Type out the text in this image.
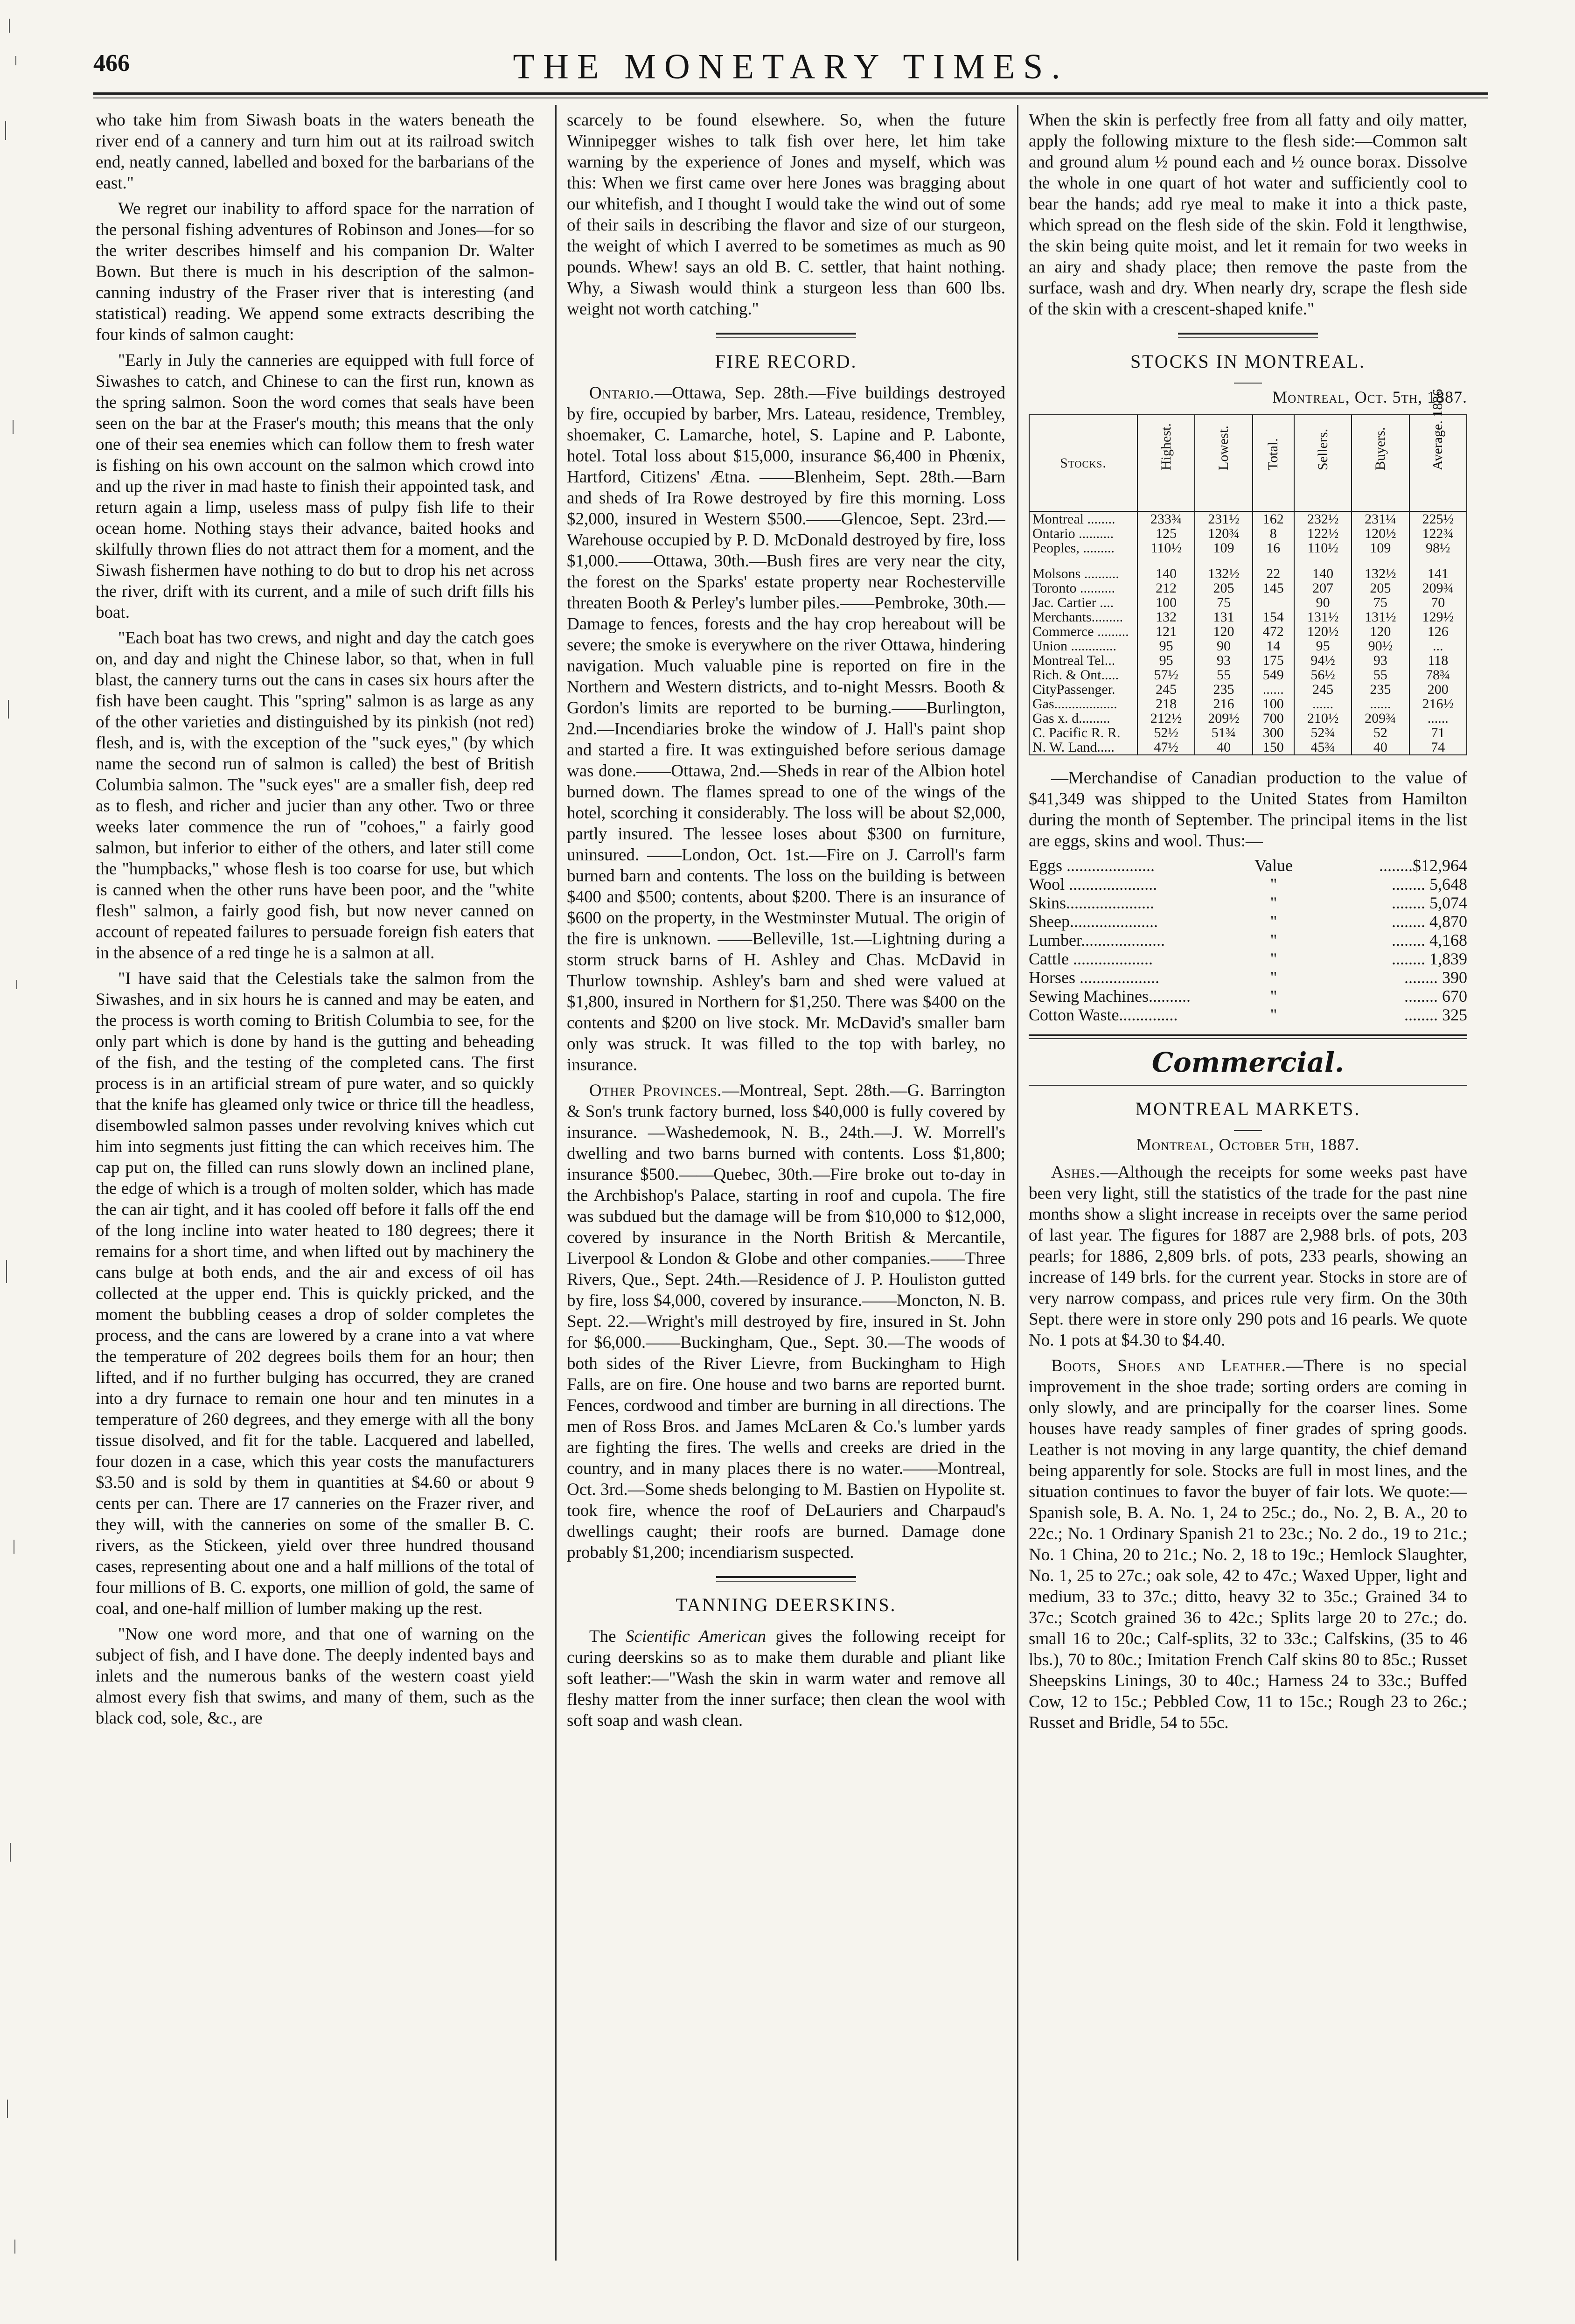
466	THE MONETARY TIMES.

who take him from Siwash boats in the waters beneath the river end of a cannery and turn him out at its railroad switch end, neatly canned, labelled and boxed for the barbarians of the east."

We regret our inability to afford space for the narration of the personal fishing adventures of Robinson and Jones—for so the writer describes himself and his companion Dr. Walter Bown. But there is much in his description of the salmon-canning industry of the Fraser river that is interesting (and statistical) reading. We append some extracts describing the four kinds of salmon caught:

"Early in July the canneries are equipped with full force of Siwashes to catch, and Chinese to can the first run, known as the spring salmon. Soon the word comes that seals have been seen on the bar at the Fraser's mouth; this means that the only one of their sea enemies which can follow them to fresh water is fishing on his own account on the salmon which crowd into and up the river in mad haste to finish their appointed task, and return again a limp, useless mass of pulpy fish life to their ocean home. Nothing stays their advance, baited hooks and skilfully thrown flies do not attract them for a moment, and the Siwash fishermen have nothing to do but to drop his net across the river, drift with its current, and a mile of such drift fills his boat.

"Each boat has two crews, and night and day the catch goes on, and day and night the Chinese labor, so that, when in full blast, the cannery turns out the cans in cases six hours after the fish have been caught. This "spring" salmon is as large as any of the other varieties and distinguished by its pinkish (not red) flesh, and is, with the exception of the "suck eyes," (by which name the second run of salmon is called) the best of British Columbia salmon. The "suck eyes" are a smaller fish, deep red as to flesh, and richer and jucier than any other. Two or three weeks later commence the run of "cohoes," a fairly good salmon, but inferior to either of the others, and later still come the "humpbacks," whose flesh is too coarse for use, but which is canned when the other runs have been poor, and the "white flesh" salmon, a fairly good fish, but now never canned on account of repeated failures to persuade foreign fish eaters that in the absence of a red tinge he is a salmon at all.

"I have said that the Celestials take the salmon from the Siwashes, and in six hours he is canned and may be eaten, and the process is worth coming to British Columbia to see, for the only part which is done by hand is the gutting and beheading of the fish, and the testing of the completed cans. The first process is in an artificial stream of pure water, and so quickly that the knife has gleamed only twice or thrice till the headless, disembowled salmon passes under revolving knives which cut him into segments just fitting the can which receives him. The cap put on, the filled can runs slowly down an inclined plane, the edge of which is a trough of molten solder, which has made the can air tight, and it has cooled off before it falls off the end of the long incline into water heated to 180 degrees; there it remains for a short time, and when lifted out by machinery the cans bulge at both ends, and the air and excess of oil has collected at the upper end. This is quickly pricked, and the moment the bubbling ceases a drop of solder completes the process, and the cans are lowered by a crane into a vat where the temperature of 202 degrees boils them for an hour; then lifted, and if no further bulging has occurred, they are craned into a dry furnace to remain one hour and ten minutes in a temperature of 260 degrees, and they emerge with all the bony tissue disolved, and fit for the table. Lacquered and labelled, four dozen in a case, which this year costs the manufacturers $3.50 and is sold by them in quantities at $4.60 or about 9 cents per can. There are 17 canneries on the Frazer river, and they will, with the canneries on some of the smaller B. C. rivers, as the Stickeen, yield over three hundred thousand cases, representing about one and a half millions of the total of four millions of B. C. exports, one million of gold, the same of coal, and one-half million of lumber making up the rest.

"Now one word more, and that one of warning on the subject of fish, and I have done. The deeply indented bays and inlets and the numerous banks of the western coast yield almost every fish that swims, and many of them, such as the black cod, sole, &c., are

scarcely to be found elsewhere. So, when the future Winnipegger wishes to talk fish over here, let him take warning by the experience of Jones and myself, which was this: When we first came over here Jones was bragging about our whitefish, and I thought I would take the wind out of some of their sails in describing the flavor and size of our sturgeon, the weight of which I averred to be sometimes as much as 90 pounds. Whew! says an old B. C. settler, that haint nothing. Why, a Siwash would think a sturgeon less than 600 lbs. weight not worth catching."

FIRE RECORD.

Ontario.—Ottawa, Sep. 28th.—Five buildings destroyed by fire, occupied by barber, Mrs. Lateau, residence, Trembley, shoemaker, C. Lamarche, hotel, S. Lapine and P. Labonte, hotel. Total loss about $15,000, insurance $6,400 in Phœnix, Hartford, Citizens' Ætna. ——Blenheim, Sept. 28th.—Barn and sheds of Ira Rowe destroyed by fire this morning. Loss $2,000, insured in Western $500.——Glencoe, Sept. 23rd.—Warehouse occupied by P. D. McDonald destroyed by fire, loss $1,000.——Ottawa, 30th.—Bush fires are very near the city, the forest on the Sparks' estate property near Rochesterville threaten Booth & Perley's lumber piles.——Pembroke, 30th.—Damage to fences, forests and the hay crop hereabout will be severe; the smoke is everywhere on the river Ottawa, hindering navigation. Much valuable pine is reported on fire in the Northern and Western districts, and to-night Messrs. Booth & Gordon's limits are reported to be burning.——Burlington, 2nd.—Incendiaries broke the window of J. Hall's paint shop and started a fire. It was extinguished before serious damage was done.——Ottawa, 2nd.—Sheds in rear of the Albion hotel burned down. The flames spread to one of the wings of the hotel, scorching it considerably. The loss will be about $2,000, partly insured. The lessee loses about $300 on furniture, uninsured. ——London, Oct. 1st.—Fire on J. Carroll's farm burned barn and contents. The loss on the building is between $400 and $500; contents, about $200. There is an insurance of $600 on the property, in the Westminster Mutual. The origin of the fire is unknown. ——Belleville, 1st.—Lightning during a storm struck barns of H. Ashley and Chas. McDavid in Thurlow township. Ashley's barn and shed were valued at $1,800, insured in Northern for $1,250. There was $400 on the contents and $200 on live stock. Mr. McDavid's smaller barn only was struck. It was filled to the top with barley, no insurance.

Other Provinces.—Montreal, Sept. 28th.—G. Barrington & Son's trunk factory burned, loss $40,000 is fully covered by insurance. —Washedemook, N. B., 24th.—J. W. Morrell's dwelling and two barns burned with contents. Loss $1,800; insurance $500.——Quebec, 30th.—Fire broke out to-day in the Archbishop's Palace, starting in roof and cupola. The fire was subdued but the damage will be from $10,000 to $12,000, covered by insurance in the North British & Mercantile, Liverpool & London & Globe and other companies.——Three Rivers, Que., Sept. 24th.—Residence of J. P. Houliston gutted by fire, loss $4,000, covered by insurance.——Moncton, N. B. Sept. 22.—Wright's mill destroyed by fire, insured in St. John for $6,000.——Buckingham, Que., Sept. 30.—The woods of both sides of the River Lievre, from Buckingham to High Falls, are on fire. One house and two barns are reported burnt. Fences, cordwood and timber are burning in all directions. The men of Ross Bros. and James McLaren & Co.'s lumber yards are fighting the fires. The wells and creeks are dried in the country, and in many places there is no water.——Montreal, Oct. 3rd.—Some sheds belonging to M. Bastien on Hypolite st. took fire, whence the roof of DeLauriers and Charpaud's dwellings caught; their roofs are burned. Damage done probably $1,200; incendiarism suspected.

TANNING DEERSKINS.

The Scientific American gives the following receipt for curing deerskins so as to make them durable and pliant like soft leather:—"Wash the skin in warm water and remove all fleshy matter from the inner surface; then clean the wool with soft soap and wash clean.

When the skin is perfectly free from all fatty and oily matter, apply the following mixture to the flesh side:—Common salt and ground alum ½ pound each and ½ ounce borax. Dissolve the whole in one quart of hot water and sufficiently cool to bear the hands; add rye meal to make it into a thick paste, which spread on the flesh side of the skin. Fold it lengthwise, the skin being quite moist, and let it remain for two weeks in an airy and shady place; then remove the paste from the surface, wash and dry. When nearly dry, scrape the flesh side of the skin with a crescent-shaped knife."

STOCKS IN MONTREAL.
Montreal, Oct. 5th, 1887.
Stocks.	Highest.	Lowest.	Total.	Sellers.	Buyers.	Average. 1886

Montreal ........	233¾	231½	162	232½	231¼	225½
Ontario ..........	125	120¾	8	122½	120½	122¾
Peoples, .........	110½	109	16	110½	109	98½

Molsons ..........	140	132½	22	140	132½	141
Toronto ..........	212	205	145	207	205	209¾
Jac. Cartier ....	100	75		90	75	70
Merchants.........	132	131	154	131½	131½	129½
Commerce .........	121	120	472	120½	120	126
Union .............	95	90	14	95	90½	...
Montreal Tel...	95	93	175	94½	93	118
Rich. & Ont.....	57½	55	549	56½	55	78¾
CityPassenger.	245	235	......	245	235	200
Gas..................	218	216	100	......	......	216½
Gas x. d.........	212½	209½	700	210½	209¾	......
C. Pacific R. R.	52½	51¾	300	52¾	52	71
N. W. Land.....	47½	40	150	45¾	40	74

—Merchandise of Canadian production to the value of $41,349 was shipped to the United States from Hamilton during the month of September. The principal items in the list are eggs, skins and wool. Thus:—

Eggs .....................	Value	........$12,964
Wool .....................	"	........ 5,648
Skins.....................	"	........ 5,074
Sheep.....................	"	........ 4,870
Lumber....................	"	........ 4,168
Cattle ...................	"	........ 1,839
Horses ...................	"	........ 390
Sewing Machines..........	"	........ 670
Cotton Waste..............	"	........ 325
Commercial.
MONTREAL MARKETS.
Montreal, October 5th, 1887.

Ashes.—Although the receipts for some weeks past have been very light, still the statistics of the trade for the past nine months show a slight increase in receipts over the same period of last year. The figures for 1887 are 2,988 brls. of pots, 203 pearls; for 1886, 2,809 brls. of pots, 233 pearls, showing an increase of 149 brls. for the current year. Stocks in store are of very narrow compass, and prices rule very firm. On the 30th Sept. there were in store only 290 pots and 16 pearls. We quote No. 1 pots at $4.30 to $4.40.

Boots, Shoes and Leather.—There is no special improvement in the shoe trade; sorting orders are coming in only slowly, and are principally for the coarser lines. Some houses have ready samples of finer grades of spring goods. Leather is not moving in any large quantity, the chief demand being apparently for sole. Stocks are full in most lines, and the situation continues to favor the buyer of fair lots. We quote:—Spanish sole, B. A. No. 1, 24 to 25c.; do., No. 2, B. A., 20 to 22c.; No. 1 Ordinary Spanish 21 to 23c.; No. 2 do., 19 to 21c.; No. 1 China, 20 to 21c.; No. 2, 18 to 19c.; Hemlock Slaughter, No. 1, 25 to 27c.; oak sole, 42 to 47c.; Waxed Upper, light and medium, 33 to 37c.; ditto, heavy 32 to 35c.; Grained 34 to 37c.; Scotch grained 36 to 42c.; Splits large 20 to 27c.; do. small 16 to 20c.; Calf-splits, 32 to 33c.; Calfskins, (35 to 46 lbs.), 70 to 80c.; Imitation French Calf skins 80 to 85c.; Russet Sheepskins Linings, 30 to 40c.; Harness 24 to 33c.; Buffed Cow, 12 to 15c.; Pebbled Cow, 11 to 15c.; Rough 23 to 26c.; Russet and Bridle, 54 to 55c.
